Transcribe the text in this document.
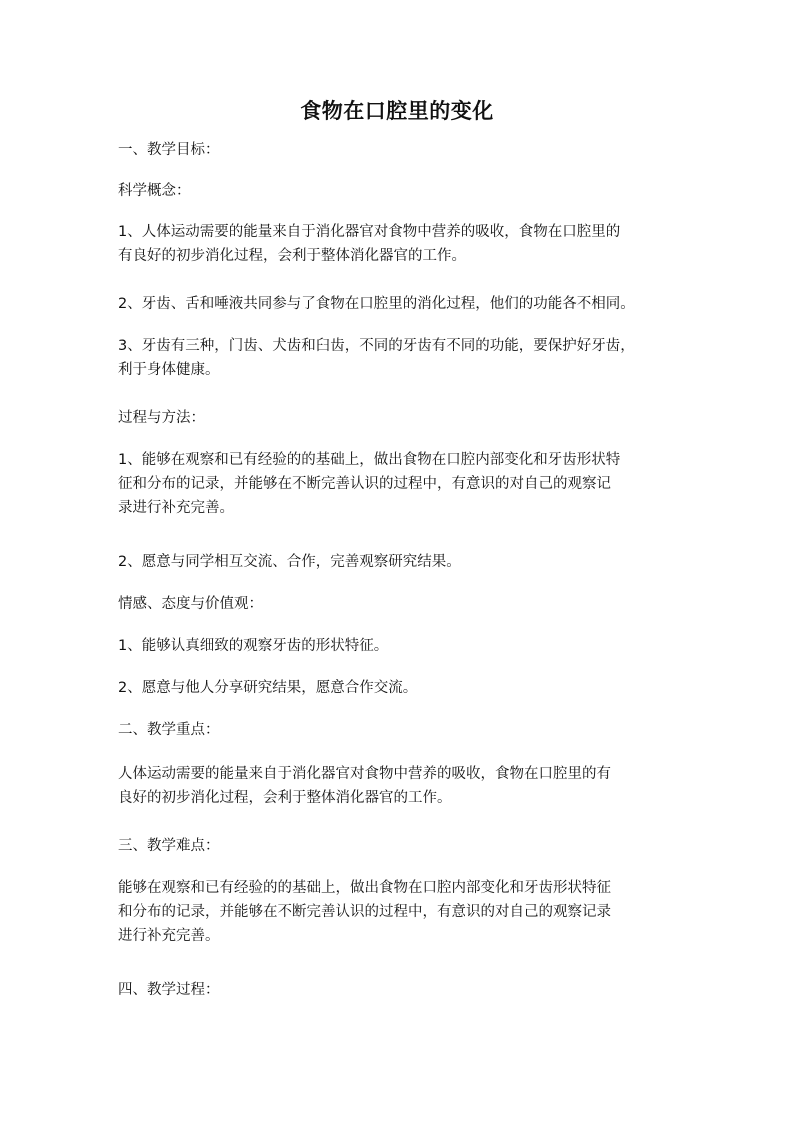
食物在口腔里的变化
一、教学目标：
科学概念：
1、人体运动需要的能量来自于消化器官对食物中营养的吸收，食物在口腔里的
有良好的初步消化过程，会利于整体消化器官的工作。
2、牙齿、舌和唾液共同参与了食物在口腔里的消化过程，他们的功能各不相同。
3、牙齿有三种，门齿、犬齿和臼齿，不同的牙齿有不同的功能，要保护好牙齿，
利于身体健康。
过程与方法：
1、能够在观察和已有经验的的基础上，做出食物在口腔内部变化和牙齿形状特
征和分布的记录，并能够在不断完善认识的过程中，有意识的对自己的观察记
录进行补充完善。
2、愿意与同学相互交流、合作，完善观察研究结果。
情感、态度与价值观：
1、能够认真细致的观察牙齿的形状特征。
2、愿意与他人分享研究结果，愿意合作交流。
二、教学重点：
人体运动需要的能量来自于消化器官对食物中营养的吸收，食物在口腔里的有
良好的初步消化过程，会利于整体消化器官的工作。
三、教学难点：
能够在观察和已有经验的的基础上，做出食物在口腔内部变化和牙齿形状特征
和分布的记录，并能够在不断完善认识的过程中，有意识的对自己的观察记录
进行补充完善。
四、教学过程：
